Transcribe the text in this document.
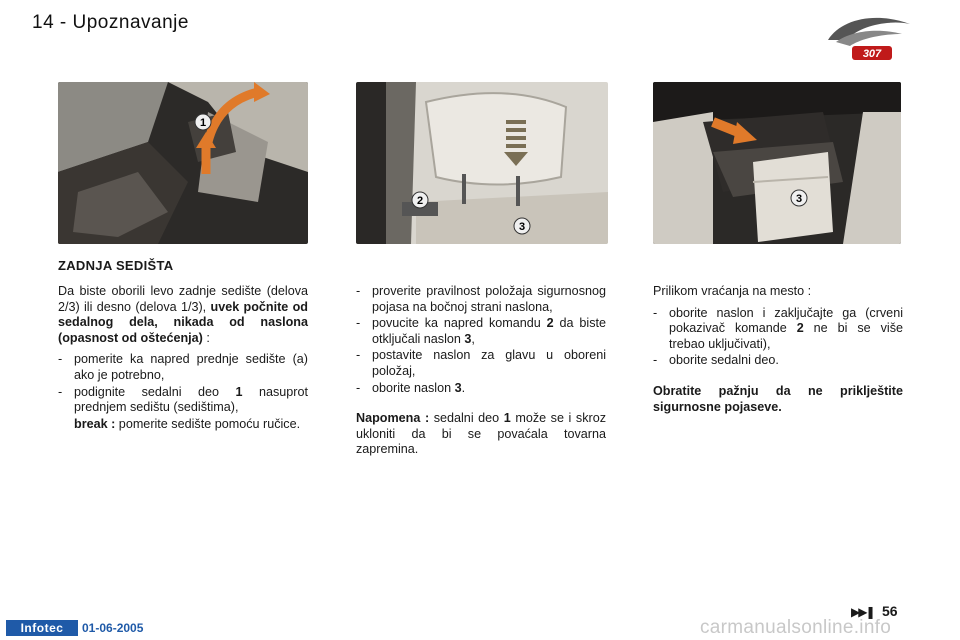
14 - Upoznavanje
307
1
2
3
3
ZADNJA SEDIŠTA

Da biste oborili levo zadnje sedište (delova 2/3) ili desno (delova 1/3), uvek počnite od sedalnog dela, nikada od naslona (opasnost od oštećenja) :

- pomerite ka napred prednje sedište (a) ako je potrebno,
- podignite sedalni deo 1 nasuprot prednjem sedištu (sedištima),
break : pomerite sedište pomoću ručice.
- proverite pravilnost položaja sigurnosnog pojasa na bočnoj strani naslona,
- povucite ka napred komandu 2 da biste otključali naslon 3,
- postavite naslon za glavu u oboreni položaj,
- oborite naslon 3.

Napomena : sedalni deo 1 može se i skroz ukloniti da bi se povaćala tovarna zapremina.

Prilikom vraćanja na mesto :

- oborite naslon i zaključajte ga (crveni pokazivač komande 2 ne bi se više trebao uključivati),
- oborite sedalni deo.

Obratite pažnju da ne priklještite sigurnosne pojaseve.

▶▶❚ 56
Infotec	01-06-2005	carmanualsonline.info
